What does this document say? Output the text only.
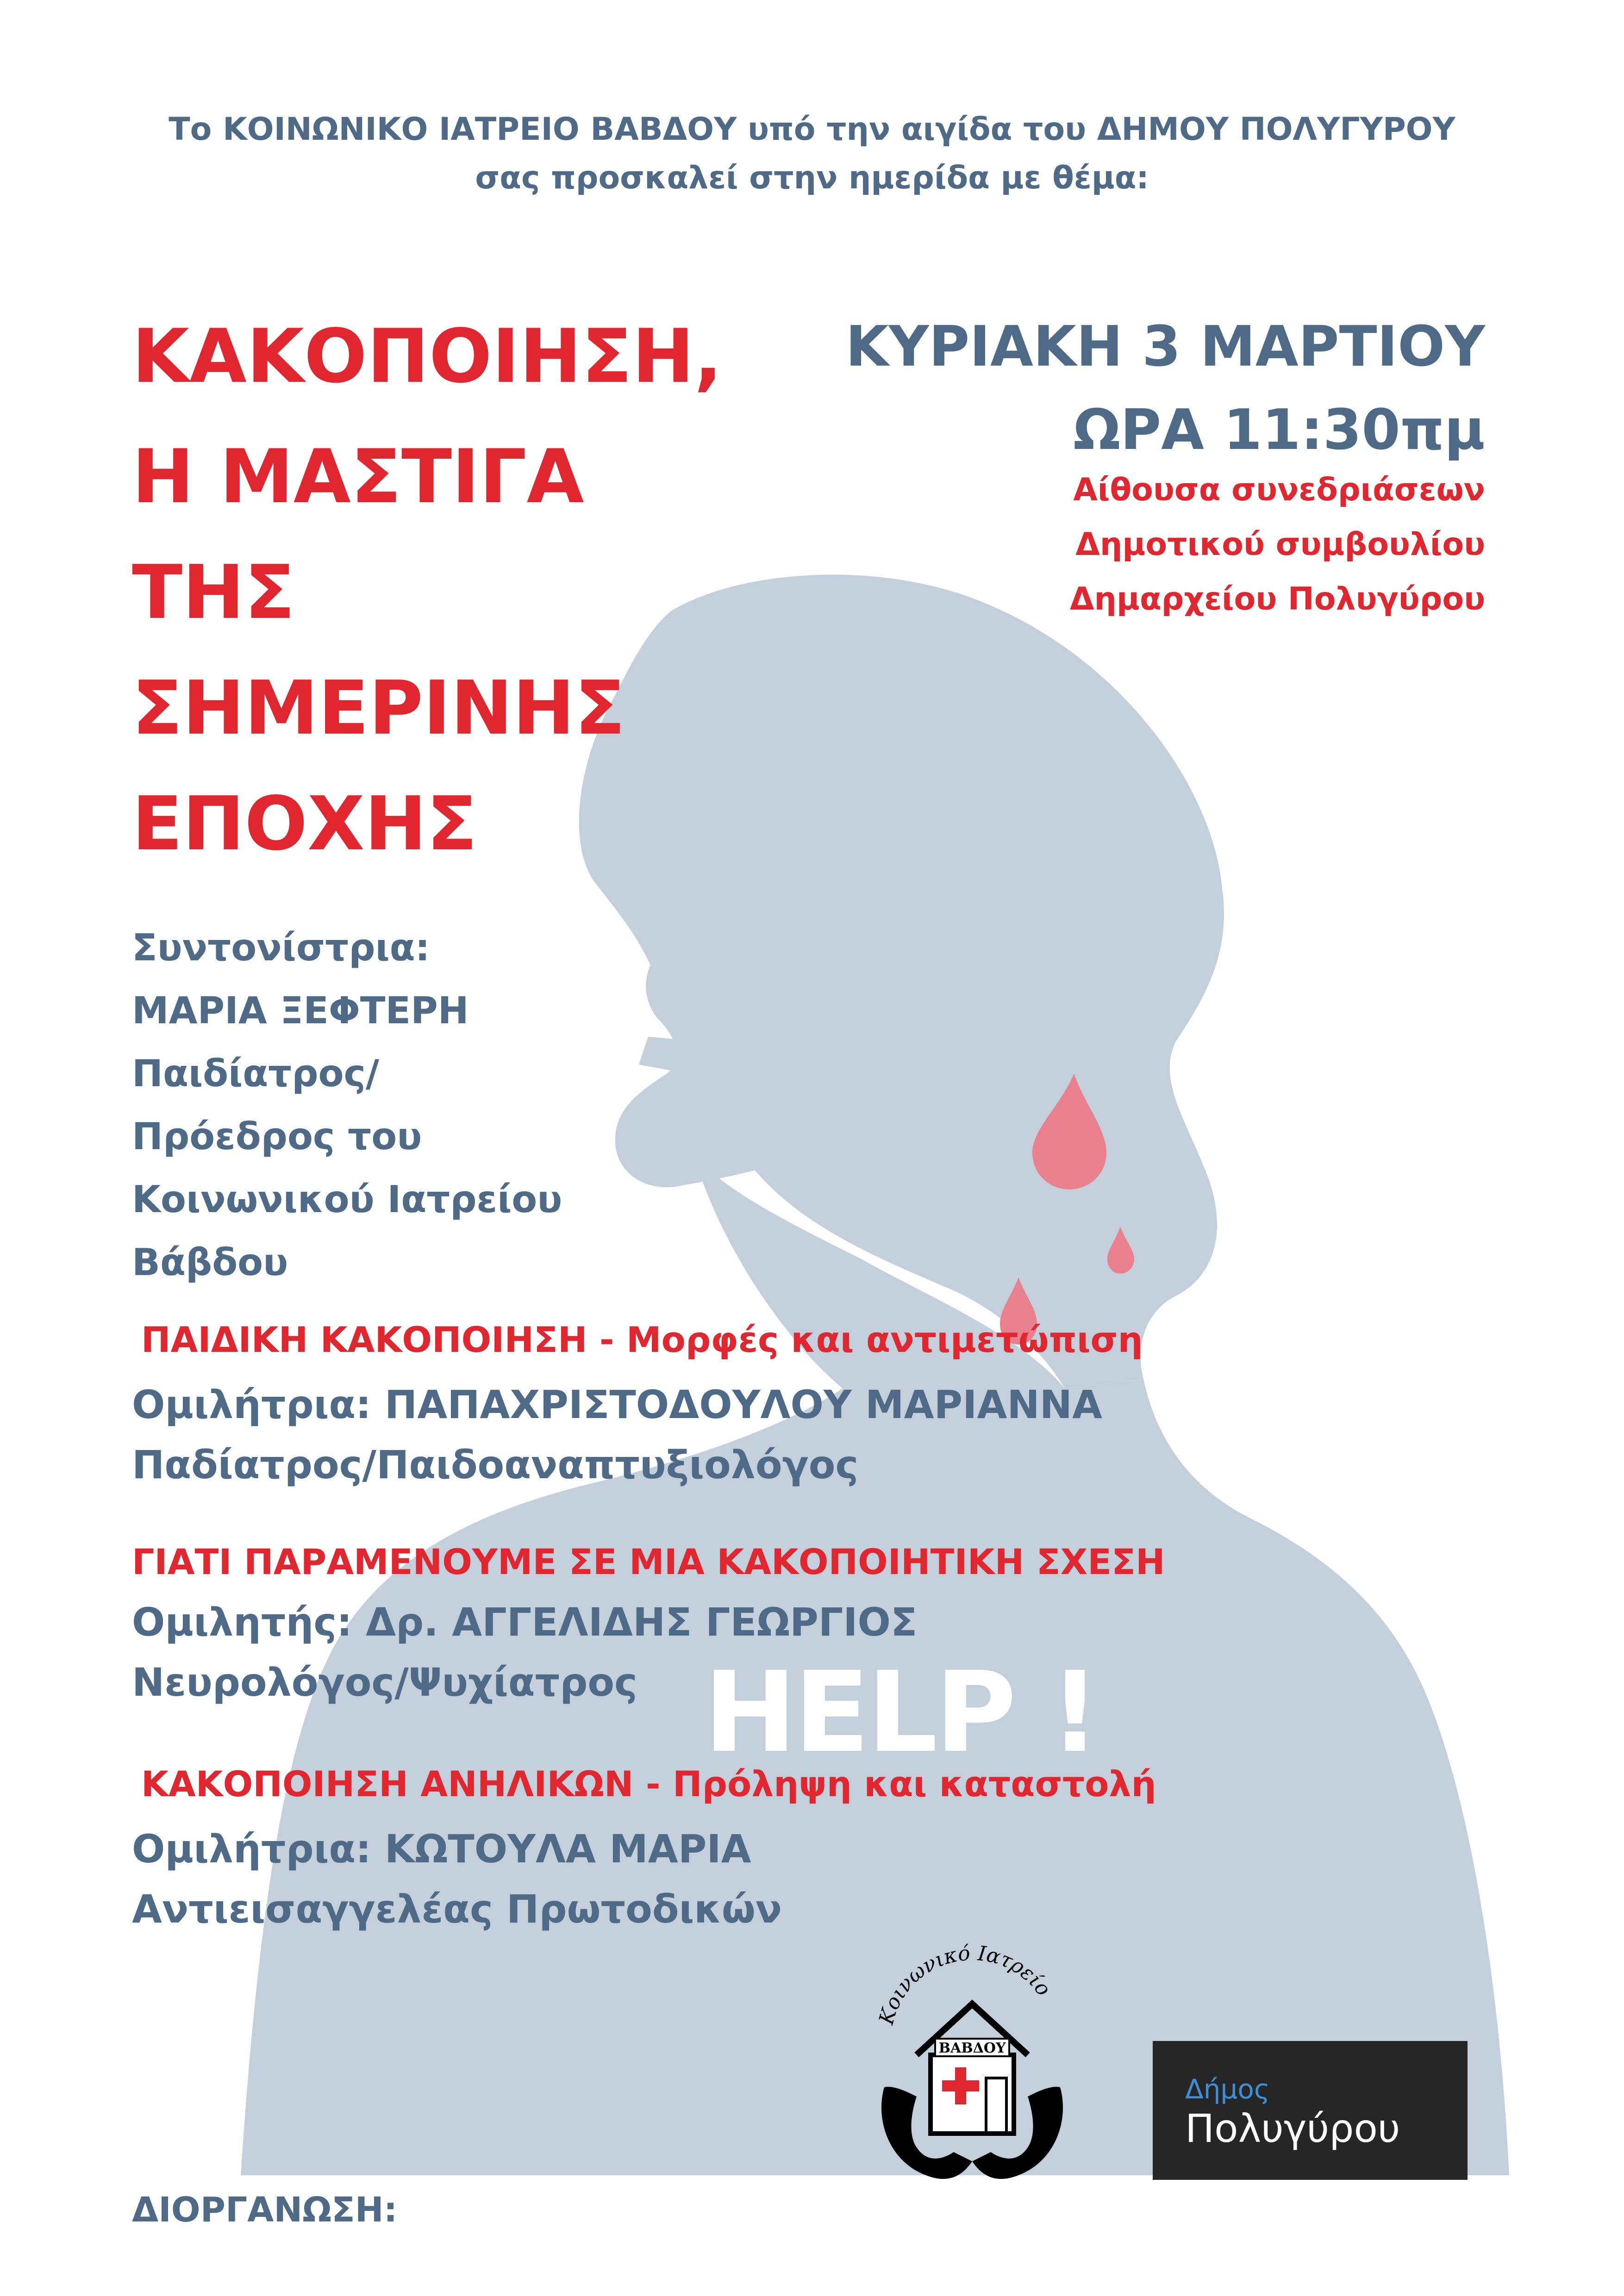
Το ΚΟΙΝΩΝΙΚΟ ΙΑΤΡΕΙΟ ΒΑΒΔΟΥ υπό την αιγίδα του ΔΗΜΟΥ ΠΟΛΥΓΥΡΟΥ
σας προσκαλεί στην ημερίδα με θέμα:
ΚΑΚΟΠΟΙΗΣΗ,
Η ΜΑΣΤΙΓΑ
ΤΗΣ
ΣΗΜΕΡΙΝΗΣ
ΕΠΟΧΗΣ
ΚΥΡΙΑΚΗ 3 ΜΑΡΤΙΟΥ
ΩΡΑ 11:30πμ
Αίθουσα συνεδριάσεων
Δημοτικού συμβουλίου
Δημαρχείου Πολυγύρου
Συντονίστρια:
ΜΑΡΙΑ ΞΕΦΤΕΡΗ
Παιδίατρος/
Πρόεδρος του
Κοινωνικού Ιατρείου
Βάβδου
ΠΑΙΔΙΚΗ ΚΑΚΟΠΟΙΗΣΗ - Μορφές και αντιμετώπιση
Ομιλήτρια: ΠΑΠΑΧΡΙΣΤΟΔΟΥΛΟΥ ΜΑΡΙΑΝΝΑ
Παδίατρος/Παιδοαναπτυξιολόγος
ΓΙΑΤΙ ΠΑΡΑΜΕΝΟΥΜΕ ΣΕ ΜΙΑ ΚΑΚΟΠΟΙΗΤΙΚΗ ΣΧΕΣΗ
Ομιλητής: Δρ. ΑΓΓΕΛΙΔΗΣ ΓΕΩΡΓΙΟΣ
Νευρολόγος/Ψυχίατρος HELP !
ΚΑΚΟΠΟΙΗΣΗ ΑΝΗΛΙΚΩΝ - Πρόληψη και καταστολή
Ομιλήτρια: ΚΩΤΟΥΛΑ ΜΑΡΙΑ
Αντιεισαγγελέας Πρωτοδικών
ΔΙΟΡΓΑΝΩΣΗ:
Κοινωνικό Ιατρείο
ΒΑΒΔΟΥ
Δήμος
Πολυγύρου
